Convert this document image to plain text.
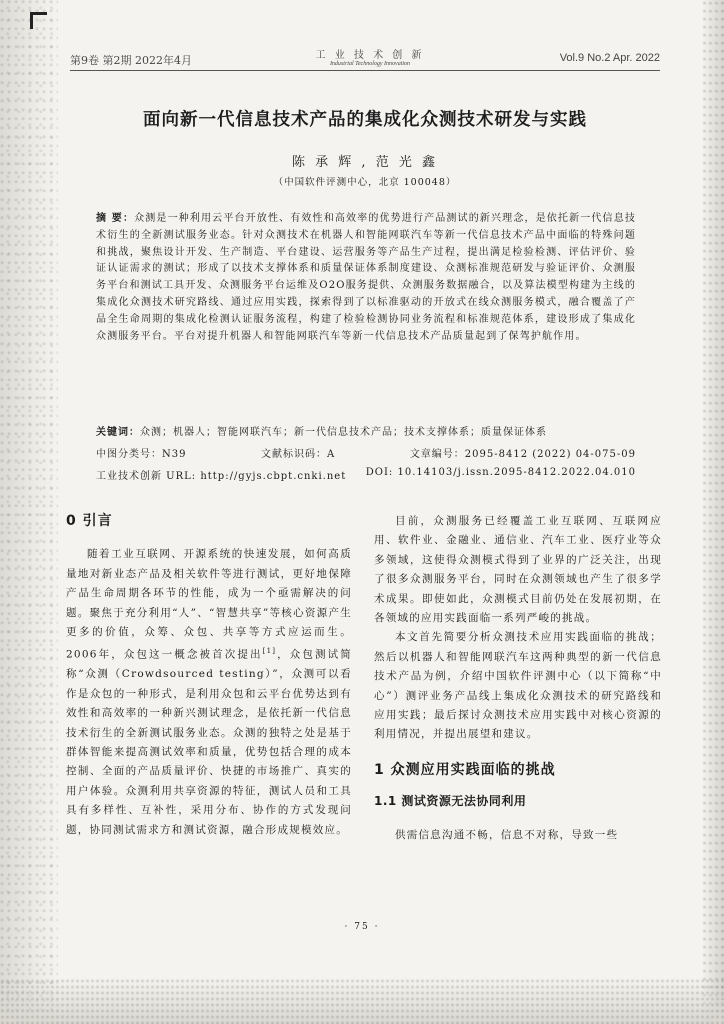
第9卷 第2期 2022年4月	工 业 技 术 创 新
Industrial Technology Innovation	Vol.9 No.2 Apr. 2022
面向新一代信息技术产品的集成化众测技术研发与实践
陈 承 辉 , 范 光 鑫
（中国软件评测中心，北京 100048）
摘 要：众测是一种利用云平台开放性、有效性和高效率的优势进行产品测试的新兴理念，是依托新一代信息技术衍生的全新测试服务业态。针对众测技术在机器人和智能网联汽车等新一代信息技术产品中面临的特殊问题和挑战，聚焦设计开发、生产制造、平台建设、运营服务等产品生产过程，提出满足检验检测、评估评价、验证认证需求的测试；形成了以技术支撑体系和质量保证体系制度建设、众测标准规范研发与验证评价、众测服务平台和测试工具开发、众测服务平台运维及O2O服务提供、众测服务数据融合，以及算法模型构建为主线的集成化众测技术研究路线、通过应用实践，探索得到了以标准驱动的开放式在线众测服务模式，融合覆盖了产品全生命周期的集成化检测认证服务流程，构建了检验检测协同业务流程和标准规范体系，建设形成了集成化众测服务平台。平台对提升机器人和智能网联汽车等新一代信息技术产品质量起到了保驾护航作用。
关键词：众测；机器人；智能网联汽车；新一代信息技术产品；技术支撑体系；质量保证体系
中图分类号：N39	文献标识码：A	文章编号：2095-8412 (2022) 04-075-09
工业技术创新 URL: http://gyjs.cbpt.cnki.net DOI: 10.14103/j.issn.2095-8412.2022.04.010
0 引言

随着工业互联网、开源系统的快速发展，如何高质量地对新业态产品及相关软件等进行测试，更好地保障产品生命周期各环节的性能，成为一个亟需解决的问题。聚焦于充分利用“人”、“智慧共享”等核心资源产生更多的价值，众筹、众包、共享等方式应运而生。2006年，众包这一概念被首次提出[1]，众包测试简称“众测（Crowdsourced testing）”，众测可以看作是众包的一种形式，是利用众包和云平台优势达到有效性和高效率的一种新兴测试理念，是依托新一代信息技术衍生的全新测试服务业态。众测的独特之处是基于群体智能来提高测试效率和质量，优势包括合理的成本控制、全面的产品质量评价、快捷的市场推广、真实的用户体验。众测利用共享资源的特征，测试人员和工具具有多样性、互补性，采用分布、协作的方式发现问题，协同测试需求方和测试资源，融合形成规模效应。

目前，众测服务已经覆盖工业互联网、互联网应用、软件业、金融业、通信业、汽车工业、医疗业等众多领域，这使得众测模式得到了业界的广泛关注，出现了很多众测服务平台，同时在众测领域也产生了很多学术成果。即使如此，众测模式目前仍处在发展初期，在各领域的应用实践面临一系列严峻的挑战。

本文首先简要分析众测技术应用实践面临的挑战；然后以机器人和智能网联汽车这两种典型的新一代信息技术产品为例，介绍中国软件评测中心（以下简称“中心”）测评业务产品线上集成化众测技术的研究路线和应用实践；最后探讨众测技术应用实践中对核心资源的利用情况，并提出展望和建议。

1 众测应用实践面临的挑战
1.1 测试资源无法协同利用

供需信息沟通不畅，信息不对称，导致一些

· 75 ·
